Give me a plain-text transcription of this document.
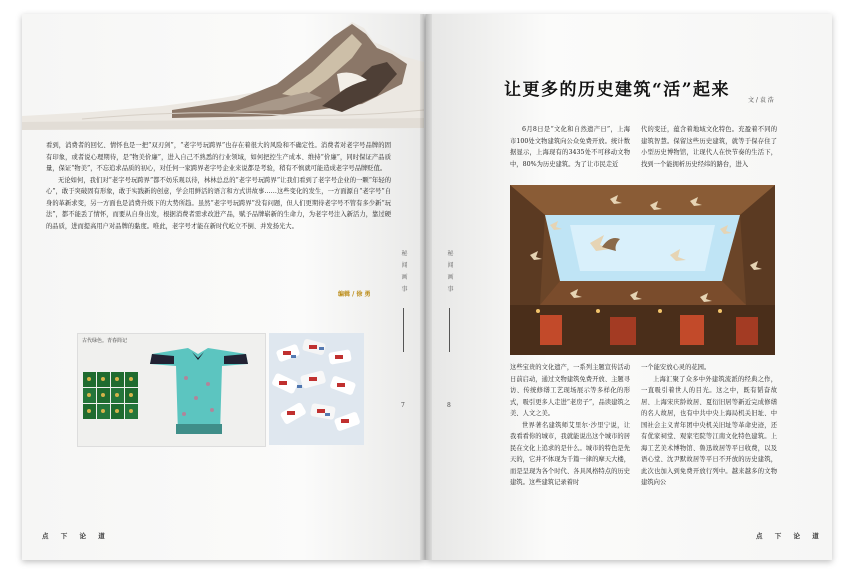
看到，消费者的回忆、情怀也是一把“双刃剑”，“老字号玩跨界”也存在着很大的风险和不确定性。消费者对老字号品牌的固有印象，或者说心理期待，是“物美价廉”，进入自己不熟悉的行业领域，如何把控生产成本、维持“价廉”，同时保证产品质量，保证“物美”，不忘追求品质的初心，对任何一家跨界老字号企业来说都是考验，稍有不慎就可能造成老字号品牌贬值。

无论如何，我们对“老字号玩跨界”都不妨乐观以待，林林总总的“老字号玩跨界”让我们看到了老字号企业的一颗“年轻的心”，敢于突破固有形象，敢于实践新的创意，学会用鲜活的语言和方式讲故事……这些变化的发生，一方面源自“老字号”自身的革新求变，另一方面也是消费升级下的大势所趋。虽然“老字号玩跨界”没有问题，但人们更期待老字号不管有多少新“玩法”，都不能丢了情怀，而要从自身出发，根据消费者需求改进产品，赋予品牌崭新的生命力，为老字号注入新活力，靠过硬的品质，进而提高用户对品牌的黏度。唯此，老字号才能在新时代屹立不倒、并发扬光大。

编辑 / 徐 勇
秘 闻 画 事
7
古代绿色。青春简记
点 下 论 道
让更多的历史建筑“活”起来
文 / 袁 浩

6月8日是“文化和自然遗产日”，上海市100处文物建筑向公众免费开放。统计数据显示，上海现有的3435处不可移动文物中，80%为历史建筑。为了让市民走近

代的变迁，蕴含着地域文化特色。充盈着不同的建筑智慧。保留这些历史建筑，就等于保存住了小型历史博物馆，让现代人在快节奏的生活下，找到一个能拥析历史经纬的路台，进入

这些宝贵的文化遗产，一系列主题宣传活动日前启动，通过文物建筑免费开放、主题寻访、传统修缮工艺现场展示等多样化的形式，吸引更多人走进“老房子”，品读建筑之美、人文之美。

世界著名建筑师艾里尔·沙里宁说，让我看看你的城市，我就能说出这个城市的居民在文化上追求的是什么。城市的特色是先天的，它并不体现为千篇一律的摩天大楼，而是呈现为各个时代、各具风格特点的历史建筑。这些建筑记录着时

一个能安放心灵的花园。

上海汇聚了众多中外建筑流派的经典之作，一直吸引着世人的目光。这之中，既有韬奋故居、上海宋庆龄故居、夏衍旧居等新近完成修缮的名人故居，也有中共中央上海局机关旧址、中国社会主义青年团中央机关旧址等革命史迹，还有优家祠堂、观家宅院等江南文化特色建筑。上海工艺美术博物馆、鲁迅故居等平日收费，以及语心堂、沈尹默故居等平日不开放的历史建筑，此次也加入到免费开放行列中。越来越多的文物建筑向公

秘 闻 画 事
8
点 下 论 道
